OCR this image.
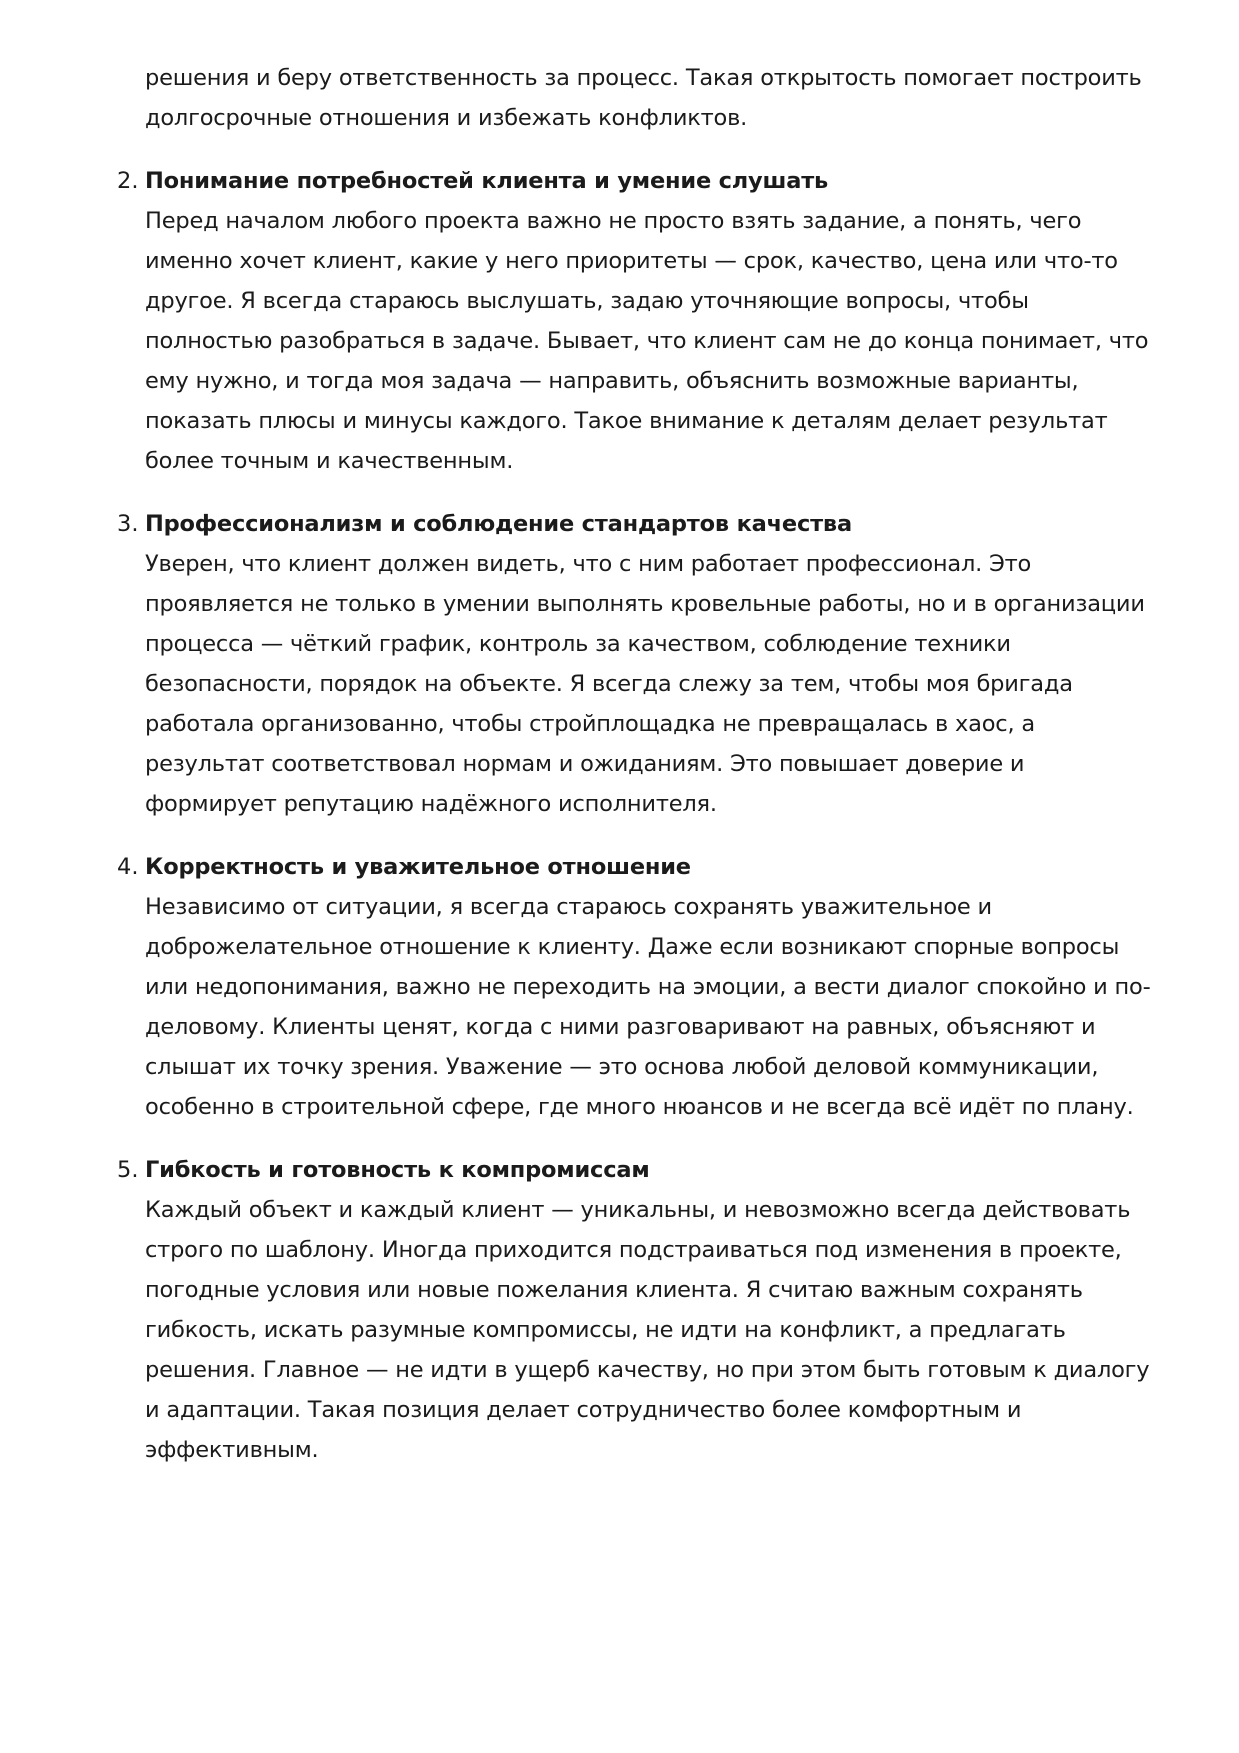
решения и беру ответственность за процесс. Такая открытость помогает построить долгосрочные отношения и избежать конфликтов.

2. Понимание потребностей клиента и умение слушать

Перед началом любого проекта важно не просто взять задание, а понять, чего именно хочет клиент, какие у него приоритеты — срок, качество, цена или что-то другое. Я всегда стараюсь выслушать, задаю уточняющие вопросы, чтобы полностью разобраться в задаче. Бывает, что клиент сам не до конца понимает, что ему нужно, и тогда моя задача — направить, объяснить возможные варианты, показать плюсы и минусы каждого. Такое внимание к деталям делает результат более точным и качественным.

3. Профессионализм и соблюдение стандартов качества

Уверен, что клиент должен видеть, что с ним работает профессионал. Это проявляется не только в умении выполнять кровельные работы, но и в организации процесса — чёткий график, контроль за качеством, соблюдение техники безопасности, порядок на объекте. Я всегда слежу за тем, чтобы моя бригада работала организованно, чтобы стройплощадка не превращалась в хаос, а результат соответствовал нормам и ожиданиям. Это повышает доверие и формирует репутацию надёжного исполнителя.

4. Корректность и уважительное отношение

Независимо от ситуации, я всегда стараюсь сохранять уважительное и доброжелательное отношение к клиенту. Даже если возникают спорные вопросы или недопонимания, важно не переходить на эмоции, а вести диалог спокойно и по-деловому. Клиенты ценят, когда с ними разговаривают на равных, объясняют и слышат их точку зрения. Уважение — это основа любой деловой коммуникации, особенно в строительной сфере, где много нюансов и не всегда всё идёт по плану.

5. Гибкость и готовность к компромиссам

Каждый объект и каждый клиент — уникальны, и невозможно всегда действовать строго по шаблону. Иногда приходится подстраиваться под изменения в проекте, погодные условия или новые пожелания клиента. Я считаю важным сохранять гибкость, искать разумные компромиссы, не идти на конфликт, а предлагать решения. Главное — не идти в ущерб качеству, но при этом быть готовым к диалогу и адаптации. Такая позиция делает сотрудничество более комфортным и эффективным.
